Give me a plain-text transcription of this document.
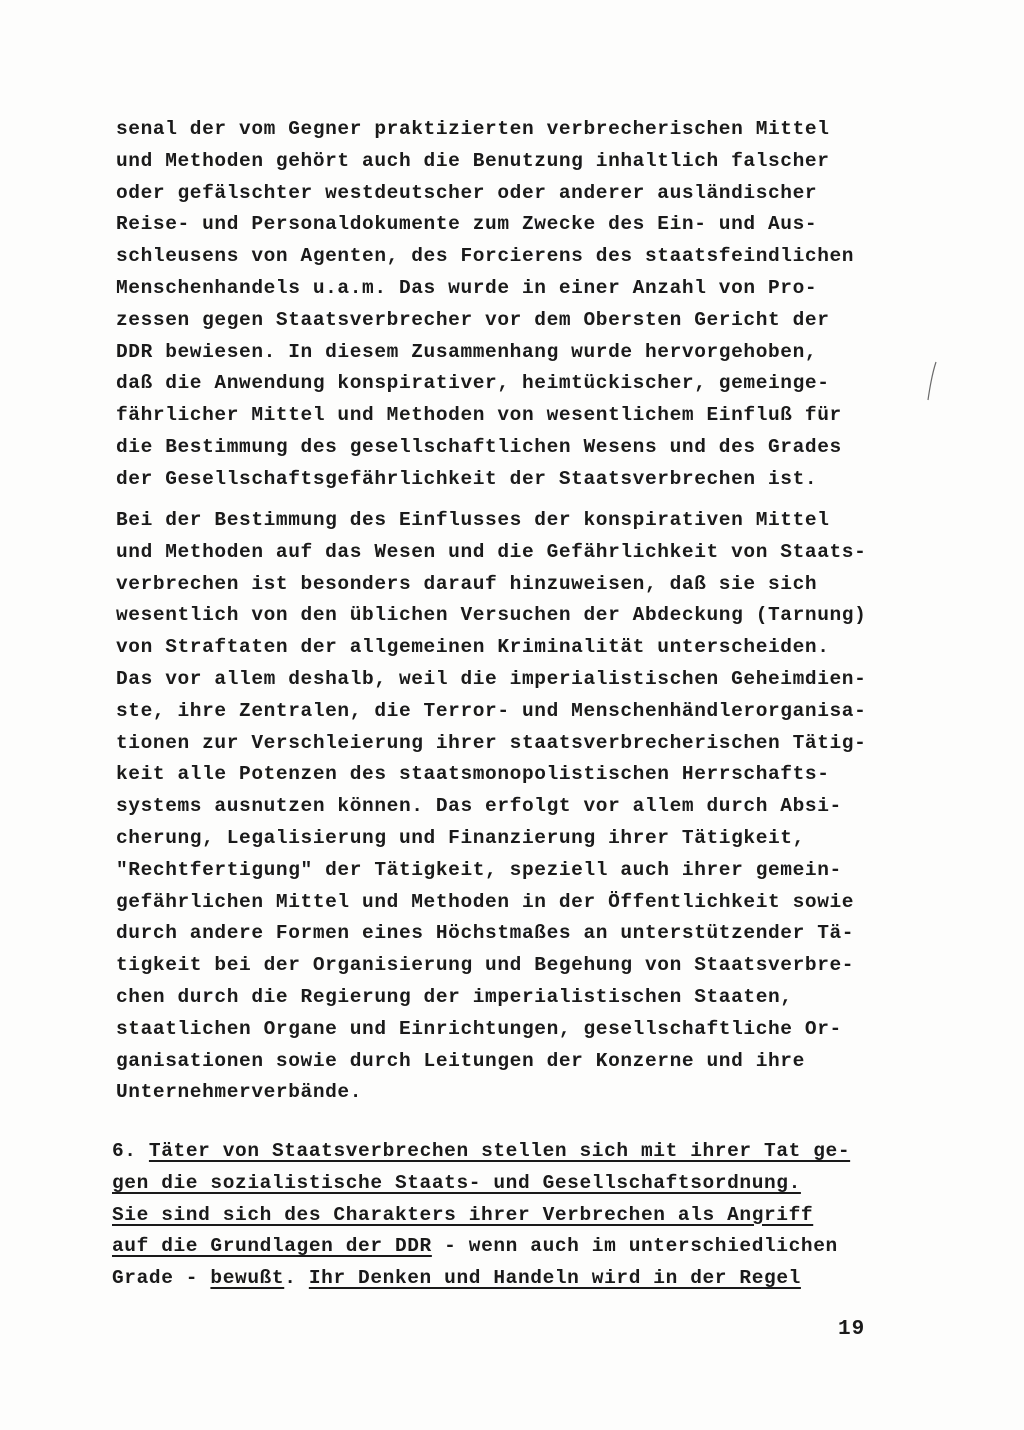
senal der vom Gegner praktizierten verbrecherischen Mittel
und Methoden gehört auch die Benutzung inhaltlich falscher
oder gefälschter westdeutscher oder anderer ausländischer
Reise- und Personaldokumente zum Zwecke des Ein- und Aus-
schleusens von Agenten, des Forcierens des staatsfeindlichen
Menschenhandels u.a.m. Das wurde in einer Anzahl von Pro-
zessen gegen Staatsverbrecher vor dem Obersten Gericht der
DDR bewiesen. In diesem Zusammenhang wurde hervorgehoben,
daß die Anwendung konspirativer, heimtückischer, gemeinge-
fährlicher Mittel und Methoden von wesentlichem Einfluß für
die Bestimmung des gesellschaftlichen Wesens und des Grades
der Gesellschaftsgefährlichkeit der Staatsverbrechen ist.
Bei der Bestimmung des Einflusses der konspirativen Mittel
und Methoden auf das Wesen und die Gefährlichkeit von Staats-
verbrechen ist besonders darauf hinzuweisen, daß sie sich
wesentlich von den üblichen Versuchen der Abdeckung (Tarnung)
von Straftaten der allgemeinen Kriminalität unterscheiden.
Das vor allem deshalb, weil die imperialistischen Geheimdien-
ste, ihre Zentralen, die Terror- und Menschenhändlerorganisa-
tionen zur Verschleierung ihrer staatsverbrecherischen Tätig-
keit alle Potenzen des staatsmonopolistischen Herrschafts-
systems ausnutzen können. Das erfolgt vor allem durch Absi-
cherung, Legalisierung und Finanzierung ihrer Tätigkeit,
"Rechtfertigung" der Tätigkeit, speziell auch ihrer gemein-
gefährlichen Mittel und Methoden in der Öffentlichkeit sowie
durch andere Formen eines Höchstmaßes an unterstützender Tä-
tigkeit bei der Organisierung und Begehung von Staatsverbre-
chen durch die Regierung der imperialistischen Staaten,
staatlichen Organe und Einrichtungen, gesellschaftliche Or-
ganisationen sowie durch Leitungen der Konzerne und ihre
Unternehmerverbände.
6. Täter von Staatsverbrechen stellen sich mit ihrer Tat ge-
gen die sozialistische Staats- und Gesellschaftsordnung.
Sie sind sich des Charakters ihrer Verbrechen als Angriff
auf die Grundlagen der DDR - wenn auch im unterschiedlichen
Grade - bewußt. Ihr Denken und Handeln wird in der Regel
19
